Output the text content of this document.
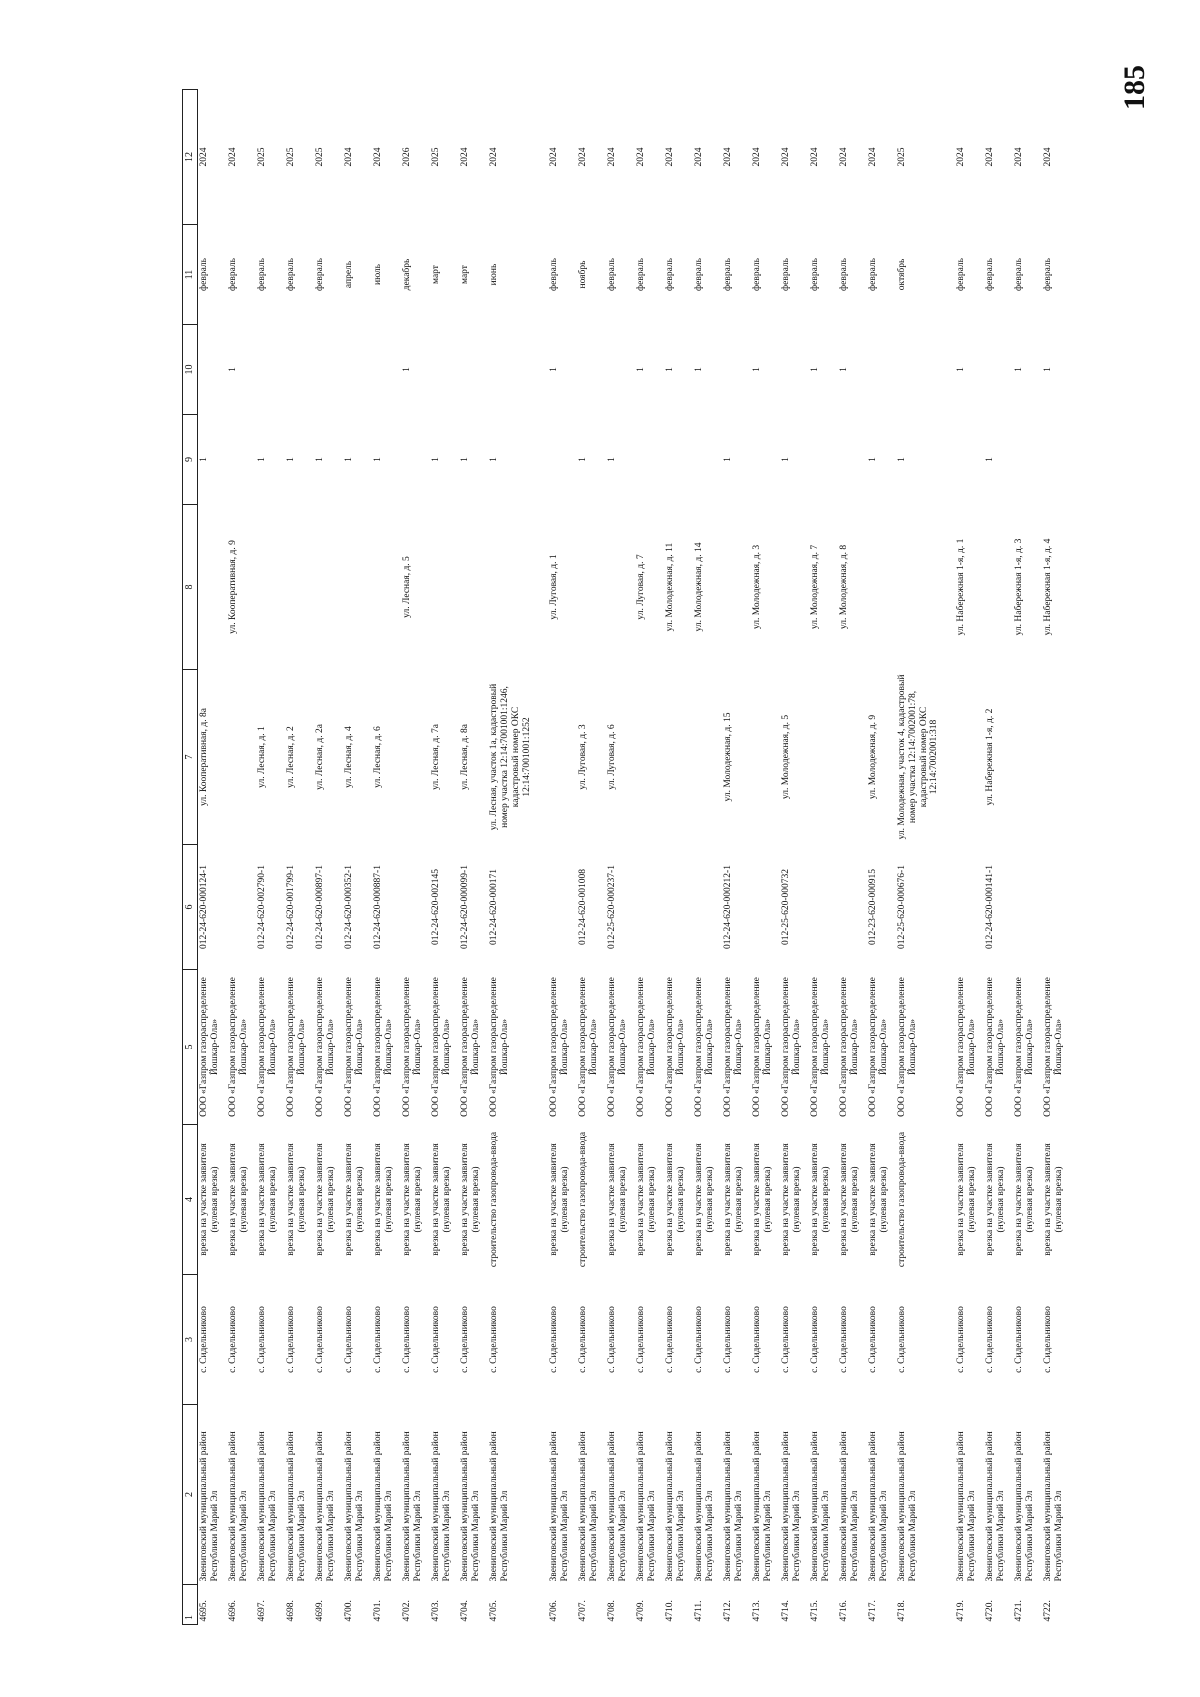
185
1	2	3	4	5	6	7	8	9	10	11	12
4695.	Звениговский муниципальный район Республики Марий Эл	с. Сидельниково	врезка на участке заявителя (нулевая врезка)	ООО «Газпром газораспределение Йошкар-Ола»	012-24-620-000124-1	ул. Кооперативная, д. 8а		1		февраль	2024
4696.	Звениговский муниципальный район Республики Марий Эл	с. Сидельниково	врезка на участке заявителя (нулевая врезка)	ООО «Газпром газораспределение Йошкар-Ола»			ул. Кооперативная, д. 9		1	февраль	2024
4697.	Звениговский муниципальный район Республики Марий Эл	с. Сидельниково	врезка на участке заявителя (нулевая врезка)	ООО «Газпром газораспределение Йошкар-Ола»	012-24-620-002790-1	ул. Лесная, д. 1		1		февраль	2025
4698.	Звениговский муниципальный район Республики Марий Эл	с. Сидельниково	врезка на участке заявителя (нулевая врезка)	ООО «Газпром газораспределение Йошкар-Ола»	012-24-620-001799-1	ул. Лесная, д. 2		1		февраль	2025
4699.	Звениговский муниципальный район Республики Марий Эл	с. Сидельниково	врезка на участке заявителя (нулевая врезка)	ООО «Газпром газораспределение Йошкар-Ола»	012-24-620-000897-1	ул. Лесная, д. 2а		1		февраль	2025
4700.	Звениговский муниципальный район Республики Марий Эл	с. Сидельниково	врезка на участке заявителя (нулевая врезка)	ООО «Газпром газораспределение Йошкар-Ола»	012-24-620-000352-1	ул. Лесная, д. 4		1		апрель	2024
4701.	Звениговский муниципальный район Республики Марий Эл	с. Сидельниково	врезка на участке заявителя (нулевая врезка)	ООО «Газпром газораспределение Йошкар-Ола»	012-24-620-000887-1	ул. Лесная, д. 6		1		июль	2024
4702.	Звениговский муниципальный район Республики Марий Эл	с. Сидельниково	врезка на участке заявителя (нулевая врезка)	ООО «Газпром газораспределение Йошкар-Ола»			ул. Лесная, д. 5		1	декабрь	2026
4703.	Звениговский муниципальный район Республики Марий Эл	с. Сидельниково	врезка на участке заявителя (нулевая врезка)	ООО «Газпром газораспределение Йошкар-Ола»	012-24-620-002145	ул. Лесная, д. 7а		1		март	2025
4704.	Звениговский муниципальный район Республики Марий Эл	с. Сидельниково	врезка на участке заявителя (нулевая врезка)	ООО «Газпром газораспределение Йошкар-Ола»	012-24-620-000099-1	ул. Лесная, д. 8а		1		март	2024
4705.	Звениговский муниципальный район Республики Марий Эл	с. Сидельниково	строительство газопровода-ввода	ООО «Газпром газораспределение Йошкар-Ола»	012-24-620-000171	ул. Лесная, участок 1а, кадастровый номер участка 12:14:7001001:1246, кадастровый номер ОКС 12:14:7001001:1252		1		июнь	2024

4706.	Звениговский муниципальный район Республики Марий Эл	с. Сидельниково	врезка на участке заявителя (нулевая врезка)	ООО «Газпром газораспределение Йошкар-Ола»			ул. Луговая, д. 1		1	февраль	2024
4707.	Звениговский муниципальный район Республики Марий Эл	с. Сидельниково	строительство газопровода-ввода	ООО «Газпром газораспределение Йошкар-Ола»	012-24-620-001008	ул. Луговая, д. 3		1		ноябрь	2024
4708.	Звениговский муниципальный район Республики Марий Эл	с. Сидельниково	врезка на участке заявителя (нулевая врезка)	ООО «Газпром газораспределение Йошкар-Ола»	012-25-620-000237-1	ул. Луговая, д. 6		1		февраль	2024
4709.	Звениговский муниципальный район Республики Марий Эл	с. Сидельниково	врезка на участке заявителя (нулевая врезка)	ООО «Газпром газораспределение Йошкар-Ола»			ул. Луговая, д. 7		1	февраль	2024
4710.	Звениговский муниципальный район Республики Марий Эл	с. Сидельниково	врезка на участке заявителя (нулевая врезка)	ООО «Газпром газораспределение Йошкар-Ола»			ул. Молодежная, д. 11		1	февраль	2024
4711.	Звениговский муниципальный район Республики Марий Эл	с. Сидельниково	врезка на участке заявителя (нулевая врезка)	ООО «Газпром газораспределение Йошкар-Ола»			ул. Молодежная, д. 14		1	февраль	2024
4712.	Звениговский муниципальный район Республики Марий Эл	с. Сидельниково	врезка на участке заявителя (нулевая врезка)	ООО «Газпром газораспределение Йошкар-Ола»	012-24-620-000212-1	ул. Молодежная, д. 15		1		февраль	2024
4713.	Звениговский муниципальный район Республики Марий Эл	с. Сидельниково	врезка на участке заявителя (нулевая врезка)	ООО «Газпром газораспределение Йошкар-Ола»			ул. Молодежная, д. 3		1	февраль	2024
4714.	Звениговский муниципальный район Республики Марий Эл	с. Сидельниково	врезка на участке заявителя (нулевая врезка)	ООО «Газпром газораспределение Йошкар-Ола»	012-25-620-000732	ул. Молодежная, д. 5		1		февраль	2024
4715.	Звениговский муниципальный район Республики Марий Эл	с. Сидельниково	врезка на участке заявителя (нулевая врезка)	ООО «Газпром газораспределение Йошкар-Ола»			ул. Молодежная, д. 7		1	февраль	2024
4716.	Звениговский муниципальный район Республики Марий Эл	с. Сидельниково	врезка на участке заявителя (нулевая врезка)	ООО «Газпром газораспределение Йошкар-Ола»			ул. Молодежная, д. 8		1	февраль	2024
4717.	Звениговский муниципальный район Республики Марий Эл	с. Сидельниково	врезка на участке заявителя (нулевая врезка)	ООО «Газпром газораспределение Йошкар-Ола»	012-23-620-000915	ул. Молодежная, д. 9		1		февраль	2024
4718.	Звениговский муниципальный район Республики Марий Эл	с. Сидельниково	строительство газопровода-ввода	ООО «Газпром газораспределение Йошкар-Ола»	012-25-620-000676-1	ул. Молодежная, участок 4, кадастровый номер участка 12:14:7002001:78, кадастровый номер ОКС 12:14:7002001:318		1		октябрь	2025

4719.	Звениговский муниципальный район Республики Марий Эл	с. Сидельниково	врезка на участке заявителя (нулевая врезка)	ООО «Газпром газораспределение Йошкар-Ола»			ул. Набережная 1-я, д. 1		1	февраль	2024
4720.	Звениговский муниципальный район Республики Марий Эл	с. Сидельниково	врезка на участке заявителя (нулевая врезка)	ООО «Газпром газораспределение Йошкар-Ола»	012-24-620-000141-1	ул. Набережная 1-я, д. 2		1		февраль	2024
4721.	Звениговский муниципальный район Республики Марий Эл	с. Сидельниково	врезка на участке заявителя (нулевая врезка)	ООО «Газпром газораспределение Йошкар-Ола»			ул. Набережная 1-я, д. 3		1	февраль	2024
4722.	Звениговский муниципальный район Республики Марий Эл	с. Сидельниково	врезка на участке заявителя (нулевая врезка)	ООО «Газпром газораспределение Йошкар-Ола»			ул. Набережная 1-я, д. 4		1	февраль	2024
